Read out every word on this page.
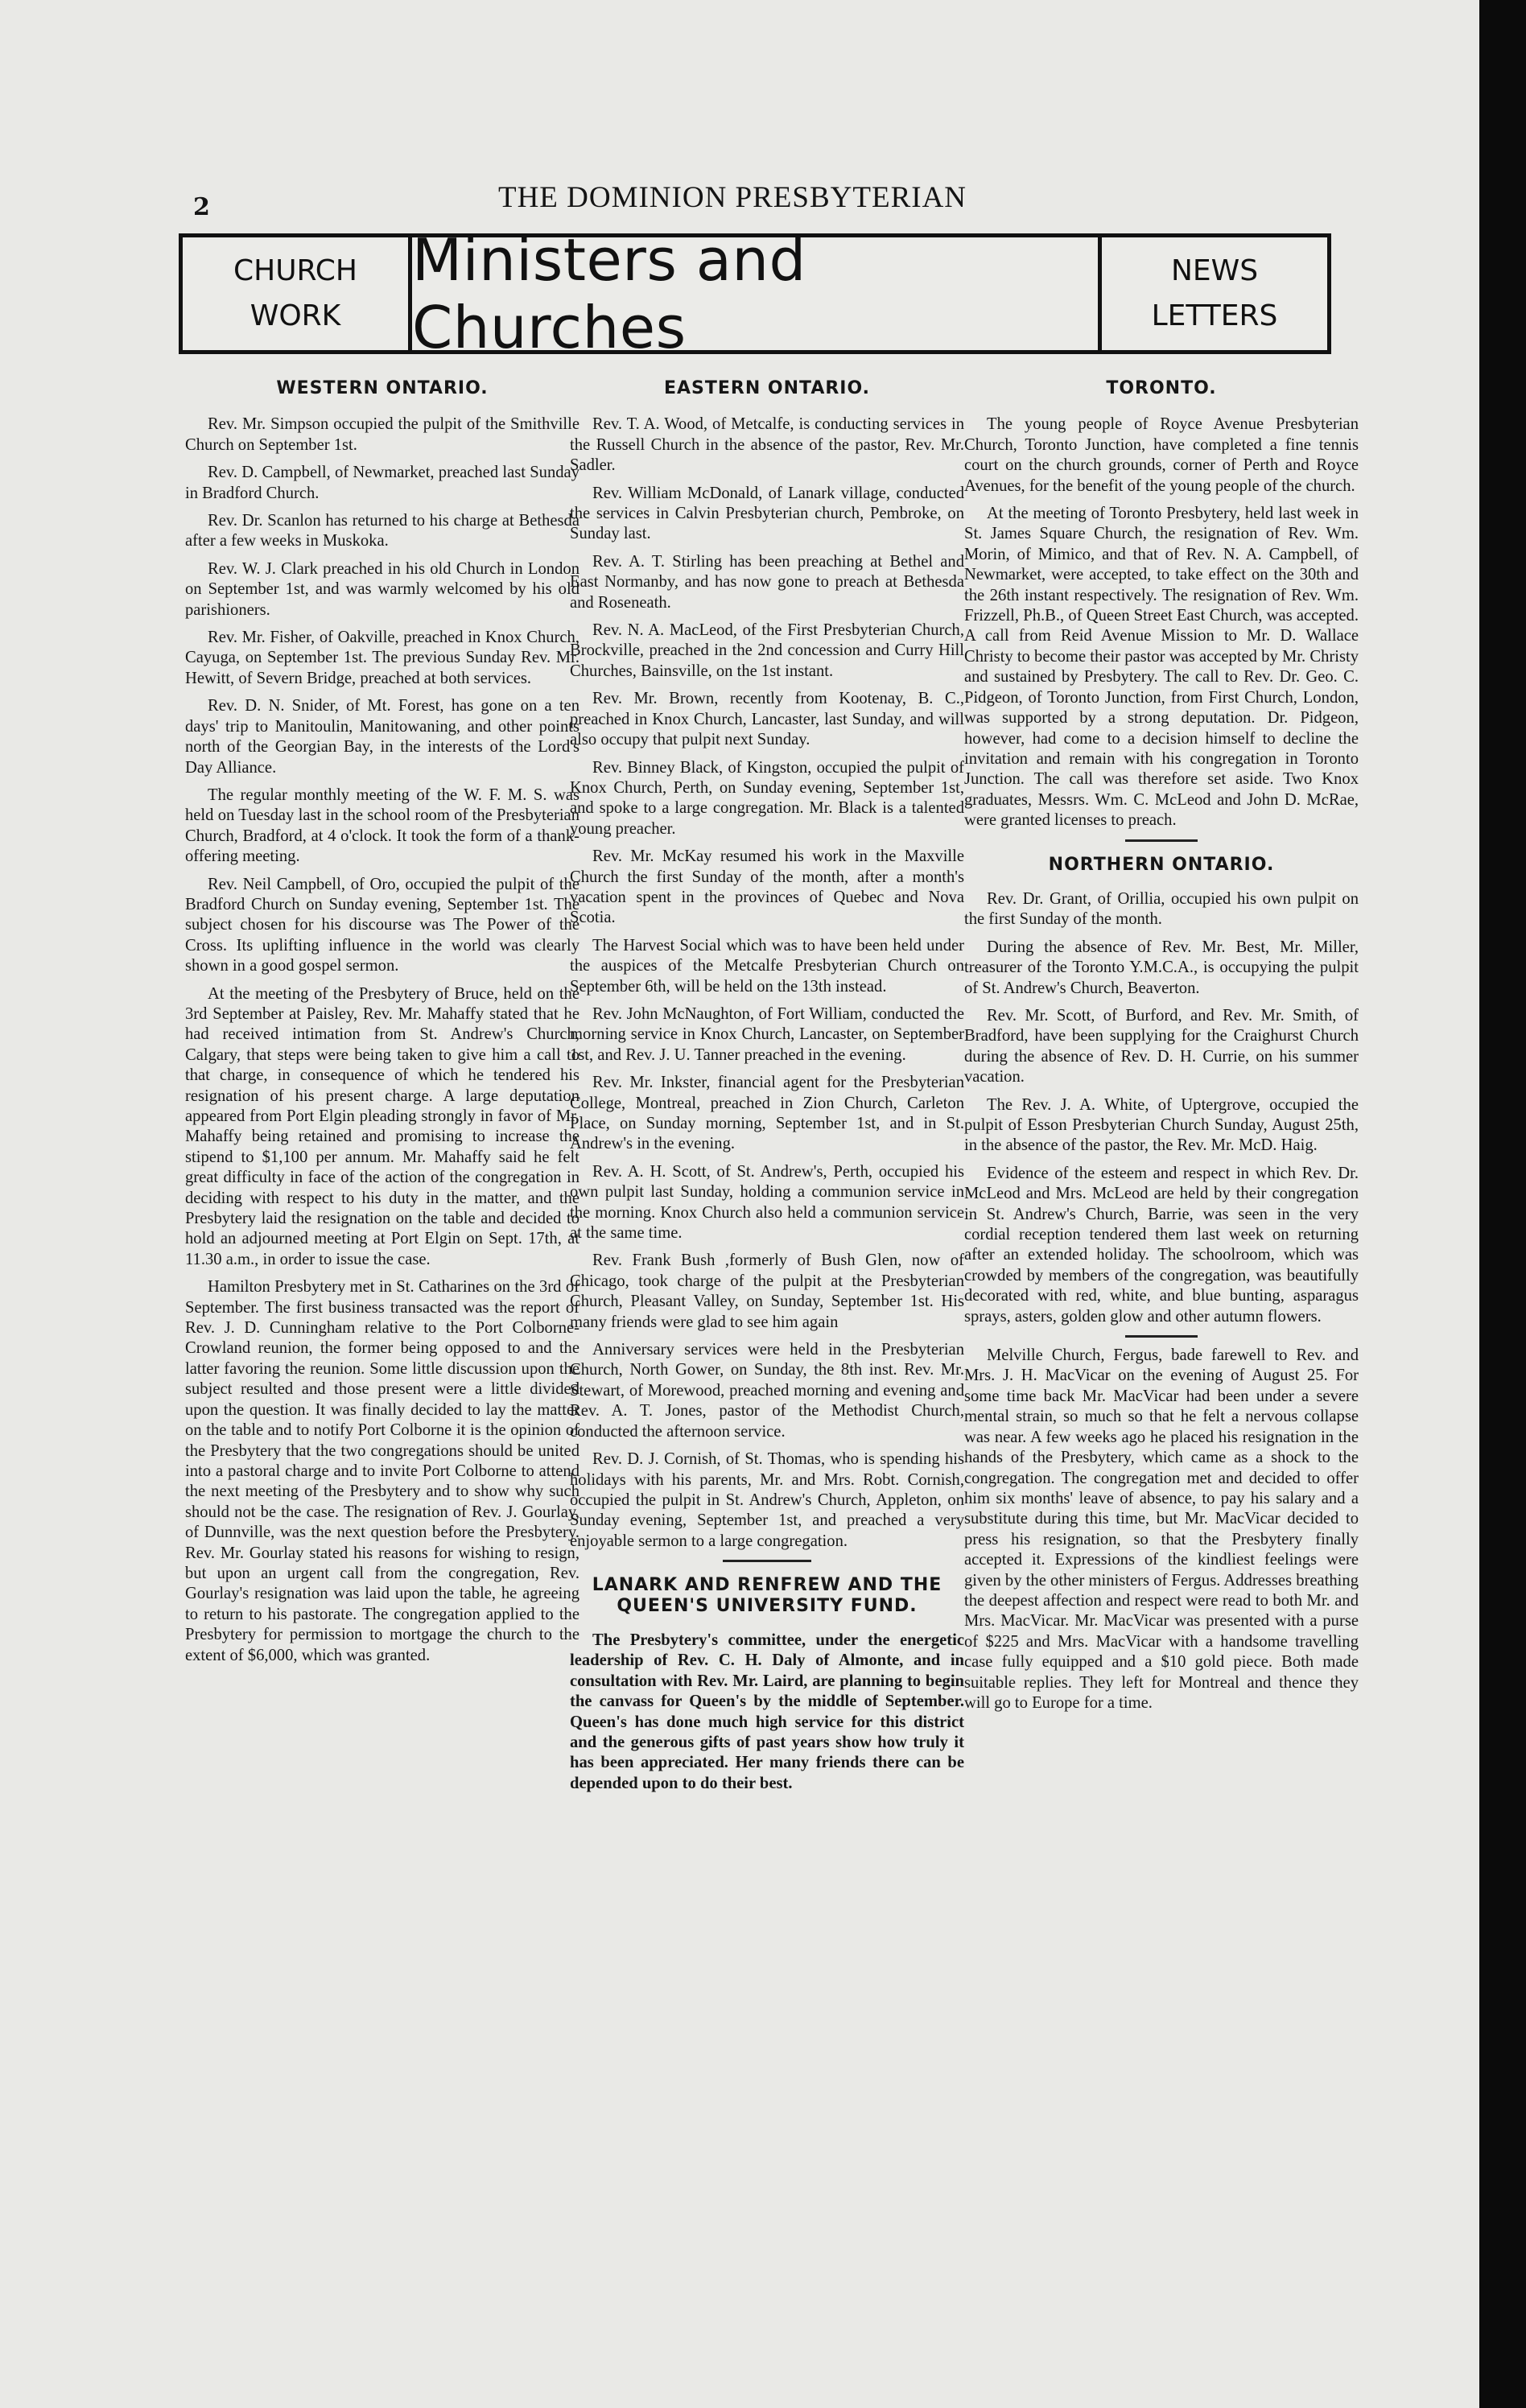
2	THE DOMINION PRESBYTERIAN
CHURCH
WORK
Ministers and Churches
NEWS
LETTERS
WESTERN ONTARIO.

Rev. Mr. Simpson occupied the pulpit of the Smithville Church on September 1st.

Rev. D. Campbell, of Newmarket, preached last Sunday in Bradford Church.

Rev. Dr. Scanlon has returned to his charge at Bethesda after a few weeks in Muskoka.

Rev. W. J. Clark preached in his old Church in London on September 1st, and was warmly welcomed by his old parishioners.

Rev. Mr. Fisher, of Oakville, preached in Knox Church, Cayuga, on September 1st. The previous Sunday Rev. Mr. Hewitt, of Severn Bridge, preached at both services.

Rev. D. N. Snider, of Mt. Forest, has gone on a ten days' trip to Manitoulin, Manitowaning, and other points north of the Georgian Bay, in the interests of the Lord's Day Alliance.

The regular monthly meeting of the W. F. M. S. was held on Tuesday last in the school room of the Presbyterian Church, Bradford, at 4 o'clock. It took the form of a thank-offering meeting.

Rev. Neil Campbell, of Oro, occupied the pulpit of the Bradford Church on Sunday evening, September 1st. The subject chosen for his discourse was The Power of the Cross. Its uplifting influence in the world was clearly shown in a good gospel sermon.

At the meeting of the Presbytery of Bruce, held on the 3rd September at Paisley, Rev. Mr. Mahaffy stated that he had received intimation from St. Andrew's Church, Calgary, that steps were being taken to give him a call to that charge, in consequence of which he tendered his resignation of his present charge. A large deputation appeared from Port Elgin pleading strongly in favor of Mr. Mahaffy being retained and promising to increase the stipend to $1,100 per annum. Mr. Mahaffy said he felt great difficulty in face of the action of the congregation in deciding with respect to his duty in the matter, and the Presbytery laid the resignation on the table and decided to hold an adjourned meeting at Port Elgin on Sept. 17th, at 11.30 a.m., in order to issue the case.

Hamilton Presbytery met in St. Catharines on the 3rd of September. The first business transacted was the report of Rev. J. D. Cunningham relative to the Port Colborne-Crowland reunion, the former being opposed to and the latter favoring the reunion. Some little discussion upon the subject resulted and those present were a little divided upon the question. It was finally decided to lay the matter on the table and to notify Port Colborne it is the opinion of the Presbytery that the two congregations should be united into a pastoral charge and to invite Port Colborne to attend the next meeting of the Presbytery and to show why such should not be the case. The resignation of Rev. J. Gourlay, of Dunnville, was the next question before the Presbytery. Rev. Mr. Gourlay stated his reasons for wishing to resign, but upon an urgent call from the congregation, Rev. Gourlay's resignation was laid upon the table, he agreeing to return to his pastorate. The congregation applied to the Presbytery for permission to mortgage the church to the extent of $6,000, which was granted.

EASTERN ONTARIO.

Rev. T. A. Wood, of Metcalfe, is conducting services in the Russell Church in the absence of the pastor, Rev. Mr. Sadler.

Rev. William McDonald, of Lanark village, conducted the services in Calvin Presbyterian church, Pembroke, on Sunday last.

Rev. A. T. Stirling has been preaching at Bethel and East Normanby, and has now gone to preach at Bethesda and Roseneath.

Rev. N. A. MacLeod, of the First Presbyterian Church, Brockville, preached in the 2nd concession and Curry Hill Churches, Bainsville, on the 1st instant.

Rev. Mr. Brown, recently from Kootenay, B. C., preached in Knox Church, Lancaster, last Sunday, and will also occupy that pulpit next Sunday.

Rev. Binney Black, of Kingston, occupied the pulpit of Knox Church, Perth, on Sunday evening, September 1st, and spoke to a large congregation. Mr. Black is a talented young preacher.

Rev. Mr. McKay resumed his work in the Maxville Church the first Sunday of the month, after a month's vacation spent in the provinces of Quebec and Nova Scotia.

The Harvest Social which was to have been held under the auspices of the Metcalfe Presbyterian Church on September 6th, will be held on the 13th instead.

Rev. John McNaughton, of Fort William, conducted the morning service in Knox Church, Lancaster, on September 1st, and Rev. J. U. Tanner preached in the evening.

Rev. Mr. Inkster, financial agent for the Presbyterian College, Montreal, preached in Zion Church, Carleton Place, on Sunday morning, September 1st, and in St. Andrew's in the evening.

Rev. A. H. Scott, of St. Andrew's, Perth, occupied his own pulpit last Sunday, holding a communion service in the morning. Knox Church also held a communion service at the same time.

Rev. Frank Bush ,formerly of Bush Glen, now of Chicago, took charge of the pulpit at the Presbyterian Church, Pleasant Valley, on Sunday, September 1st. His many friends were glad to see him again

Anniversary services were held in the Presbyterian Church, North Gower, on Sunday, the 8th inst. Rev. Mr. Stewart, of Morewood, preached morning and evening and Rev. A. T. Jones, pastor of the Methodist Church, conducted the afternoon service.

Rev. D. J. Cornish, of St. Thomas, who is spending his holidays with his parents, Mr. and Mrs. Robt. Cornish, occupied the pulpit in St. Andrew's Church, Appleton, on Sunday evening, September 1st, and preached a very enjoyable sermon to a large congregation.

LANARK AND RENFREW AND THE QUEEN'S UNIVERSITY FUND.

The Presbytery's committee, under the energetic leadership of Rev. C. H. Daly of Almonte, and in consultation with Rev. Mr. Laird, are planning to begin the canvass for Queen's by the middle of September. Queen's has done much high service for this district and the generous gifts of past years show how truly it has been appreciated. Her many friends there can be depended upon to do their best.

TORONTO.

The young people of Royce Avenue Presbyterian Church, Toronto Junction, have completed a fine tennis court on the church grounds, corner of Perth and Royce Avenues, for the benefit of the young people of the church.

At the meeting of Toronto Presbytery, held last week in St. James Square Church, the resignation of Rev. Wm. Morin, of Mimico, and that of Rev. N. A. Campbell, of Newmarket, were accepted, to take effect on the 30th and the 26th instant respectively. The resignation of Rev. Wm. Frizzell, Ph.B., of Queen Street East Church, was accepted. A call from Reid Avenue Mission to Mr. D. Wallace Christy to become their pastor was accepted by Mr. Christy and sustained by Presbytery. The call to Rev. Dr. Geo. C. Pidgeon, of Toronto Junction, from First Church, London, was supported by a strong deputation. Dr. Pidgeon, however, had come to a decision himself to decline the invitation and remain with his congregation in Toronto Junction. The call was therefore set aside. Two Knox graduates, Messrs. Wm. C. McLeod and John D. McRae, were granted licenses to preach.

NORTHERN ONTARIO.

Rev. Dr. Grant, of Orillia, occupied his own pulpit on the first Sunday of the month.

During the absence of Rev. Mr. Best, Mr. Miller, treasurer of the Toronto Y.M.C.A., is occupying the pulpit of St. Andrew's Church, Beaverton.

Rev. Mr. Scott, of Burford, and Rev. Mr. Smith, of Bradford, have been supplying for the Craighurst Church during the absence of Rev. D. H. Currie, on his summer vacation.

The Rev. J. A. White, of Uptergrove, occupied the pulpit of Esson Presbyterian Church Sunday, August 25th, in the absence of the pastor, the Rev. Mr. McD. Haig.

Evidence of the esteem and respect in which Rev. Dr. McLeod and Mrs. McLeod are held by their congregation in St. Andrew's Church, Barrie, was seen in the very cordial reception tendered them last week on returning after an extended holiday. The schoolroom, which was crowded by members of the congregation, was beautifully decorated with red, white, and blue bunting, asparagus sprays, asters, golden glow and other autumn flowers.

Melville Church, Fergus, bade farewell to Rev. and Mrs. J. H. MacVicar on the evening of August 25. For some time back Mr. MacVicar had been under a severe mental strain, so much so that he felt a nervous collapse was near. A few weeks ago he placed his resignation in the hands of the Presbytery, which came as a shock to the congregation. The congregation met and decided to offer him six months' leave of absence, to pay his salary and a substitute during this time, but Mr. MacVicar decided to press his resignation, so that the Presbytery finally accepted it. Expressions of the kindliest feelings were given by the other ministers of Fergus. Addresses breathing the deepest affection and respect were read to both Mr. and Mrs. MacVicar. Mr. MacVicar was presented with a purse of $225 and Mrs. MacVicar with a handsome travelling case fully equipped and a $10 gold piece. Both made suitable replies. They left for Montreal and thence they will go to Europe for a time.
